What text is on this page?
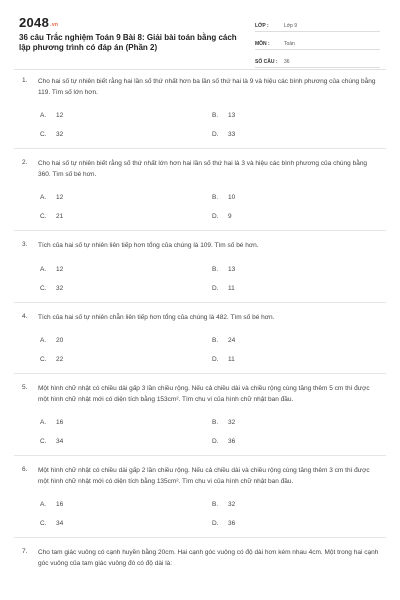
2048.vn
36 câu Trắc nghiệm Toán 9 Bài 8: Giải bài toán bằng cách lập phương trình có đáp án (Phần 2)
LỚP :	Lớp 9
MÔN :	Toán
SỐ CÂU :	36
1. Cho hai số tự nhiên biết rằng hai lần số thứ nhất hơn ba lần số thứ hai là 9 và hiệu các bình phương của chúng bằng 119. Tìm số lớn hơn.
A. 12	B. 13
C. 32	D. 33
2. Cho hai số tự nhiên biết rằng số thứ nhất lớn hơn hai lần số thứ hai là 3 và hiệu các bình phương của chúng bằng 360. Tìm số bé hơn.
A. 12	B. 10
C. 21	D. 9
3. Tích của hai số tự nhiên liên tiếp hơn tổng của chúng là 109. Tìm số bé hơn.
A. 12	B. 13
C. 32	D. 11
4. Tích của hai số tự nhiên chẵn liên tiếp hơn tổng của chúng là 482. Tìm số bé hơn.
A. 20	B. 24
C. 22	D. 11
5. Một hình chữ nhật có chiều dài gấp 3 lần chiều rộng. Nếu cả chiều dài và chiều rộng cùng tăng thêm 5 cm thì được một hình chữ nhật mới có diện tích bằng 153cm². Tìm chu vi của hình chữ nhật ban đầu.
A. 16	B. 32
C. 34	D. 36
6. Một hình chữ nhật có chiều dài gấp 2 lần chiều rộng. Nếu cả chiều dài và chiều rộng cùng tăng thêm 3 cm thì được một hình chữ nhật mới có diện tích bằng 135cm². Tìm chu vi của hình chữ nhật ban đầu.
A. 16	B. 32
C. 34	D. 36
7. Cho tam giác vuông có cạnh huyền bằng 20cm. Hai cạnh góc vuông có độ dài hơn kém nhau 4cm. Một trong hai cạnh góc vuông của tam giác vuông đó có độ dài là:
